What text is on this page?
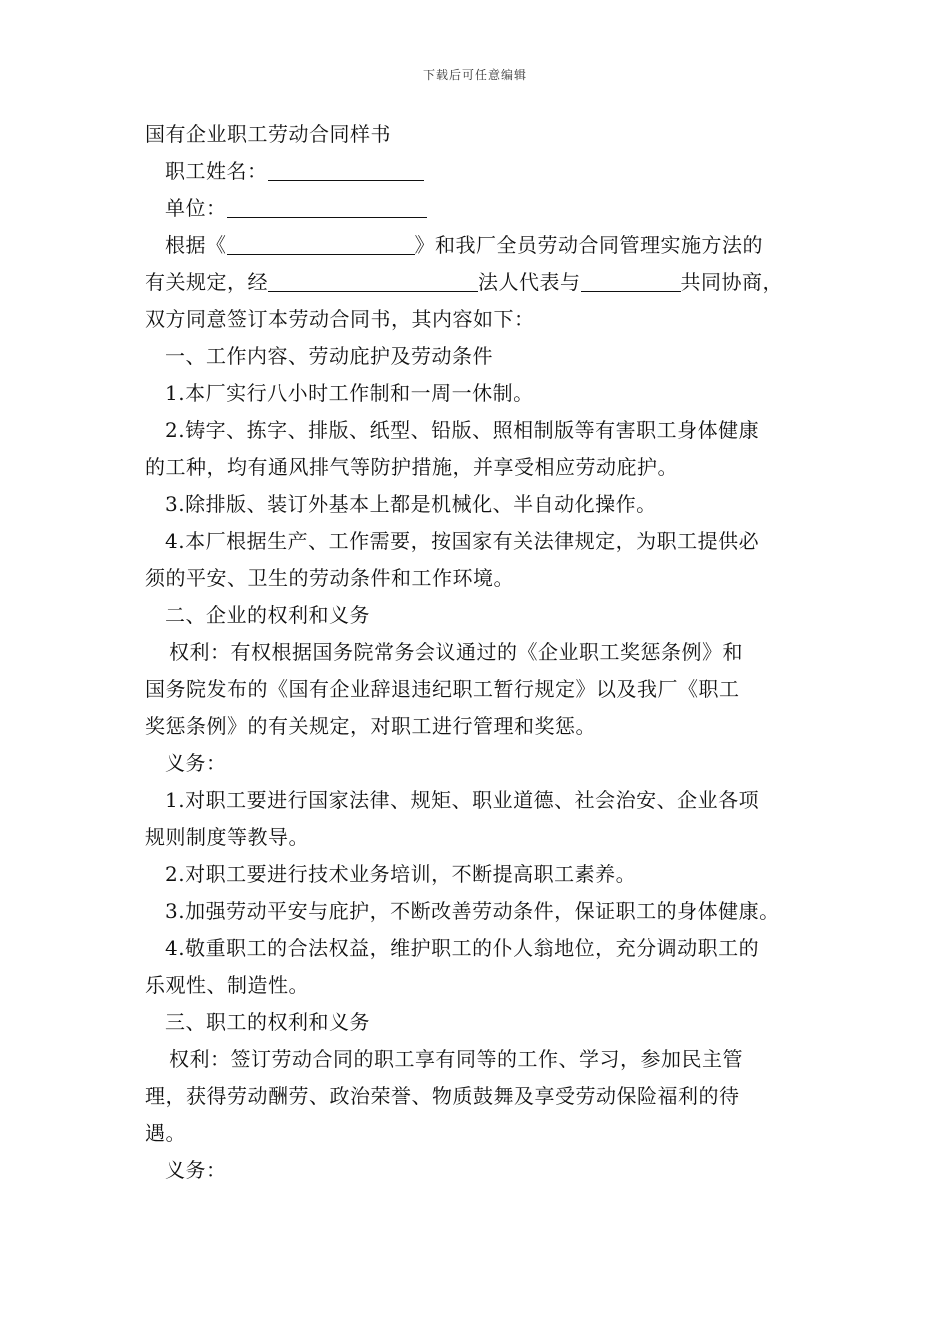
下载后可任意编辑
国有企业职工劳动合同样书
职工姓名：
单位：
根据《	》和我厂全员劳动合同管理实施方法的
有关规定，经	法人代表与	共同协商，
双方同意签订本劳动合同书，其内容如下：
一、工作内容、劳动庇护及劳动条件
1.本厂实行八小时工作制和一周一休制。
2.铸字、拣字、排版、纸型、铅版、照相制版等有害职工身体健康
的工种，均有通风排气等防护措施，并享受相应劳动庇护。
3.除排版、装订外基本上都是机械化、半自动化操作。
4.本厂根据生产、工作需要，按国家有关法律规定，为职工提供必
须的平安、卫生的劳动条件和工作环境。
二、企业的权利和义务
权利：有权根据国务院常务会议通过的《企业职工奖惩条例》和
国务院发布的《国有企业辞退违纪职工暂行规定》以及我厂《职工
奖惩条例》的有关规定，对职工进行管理和奖惩。
义务：
1.对职工要进行国家法律、规矩、职业道德、社会治安、企业各项
规则制度等教导。
2.对职工要进行技术业务培训，不断提高职工素养。
3.加强劳动平安与庇护，不断改善劳动条件，保证职工的身体健康。
4.敬重职工的合法权益，维护职工的仆人翁地位，充分调动职工的
乐观性、制造性。
三、职工的权利和义务
权利：签订劳动合同的职工享有同等的工作、学习，参加民主管
理，获得劳动酬劳、政治荣誉、物质鼓舞及享受劳动保险福利的待
遇。
义务：
